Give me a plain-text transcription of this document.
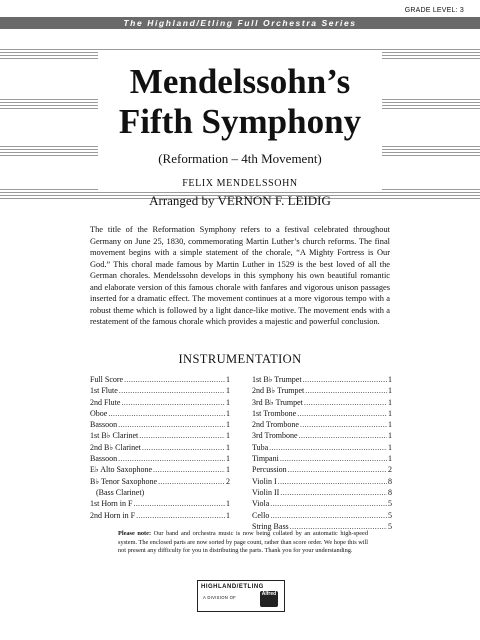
GRADE LEVEL: 3
The Highland/Etling Full Orchestra Series
Mendelssohn’s
Fifth Symphony
(Reformation – 4th Movement)
FELIX MENDELSSOHN
Arranged by VERNON F. LEIDIG
The title of the Reformation Symphony refers to a festival celebrated throughout Germany on June 25, 1830, commemorating Martin Luther’s church reforms. The final movement begins with a simple statement of the chorale, “A Mighty Fortress is Our God.” This choral made famous by Martin Luther in 1529 is the best loved of all the German chorales. Mendelssohn develops in this symphony his own beautiful romantic and elaborate version of this famous chorale with fanfares and vigorous unison passages inserted for a dramatic effect. The movement continues at a more vigorous tempo with a robust theme which is followed by a light dance-like motive. The movement ends with a restatement of the famous chorale which provides a majestic and powerful conclusion.
INSTRUMENTATION
Full Score .....	1
1st Flute .....	1
2nd Flute .....	1
Oboe .....	1
Bassoon .....	1
1st B♭ Clarinet .....	1
2nd B♭ Clarinet .....	1
Bassoon .....	1
E♭ Alto Saxophone .....	1
B♭ Tenor Saxophone .....	2
(Bass Clarinet)
1st Horn in F .....	1
2nd Horn in F .....	1
1st B♭ Trumpet .....	1
2nd B♭ Trumpet .....	1
3rd B♭ Trumpet .....	1
1st Trombone .....	1
2nd Trombone .....	1
3rd Trombone .....	1
Tuba .....	1
Timpani .....	1
Percussion .....	2
Violin I .....	8
Violin II .....	8
Viola .....	5
Cello .....	5
String Bass .....	5
Please note: Our band and orchestra music is now being collated by an automatic high-speed system. The enclosed parts are now sorted by page count, rather than score order. We hope this will not present any difficulty for you in distributing the parts. Thank you for your understanding.
HIGHLAND/ETLING
A DIVISION OF
Alfred
